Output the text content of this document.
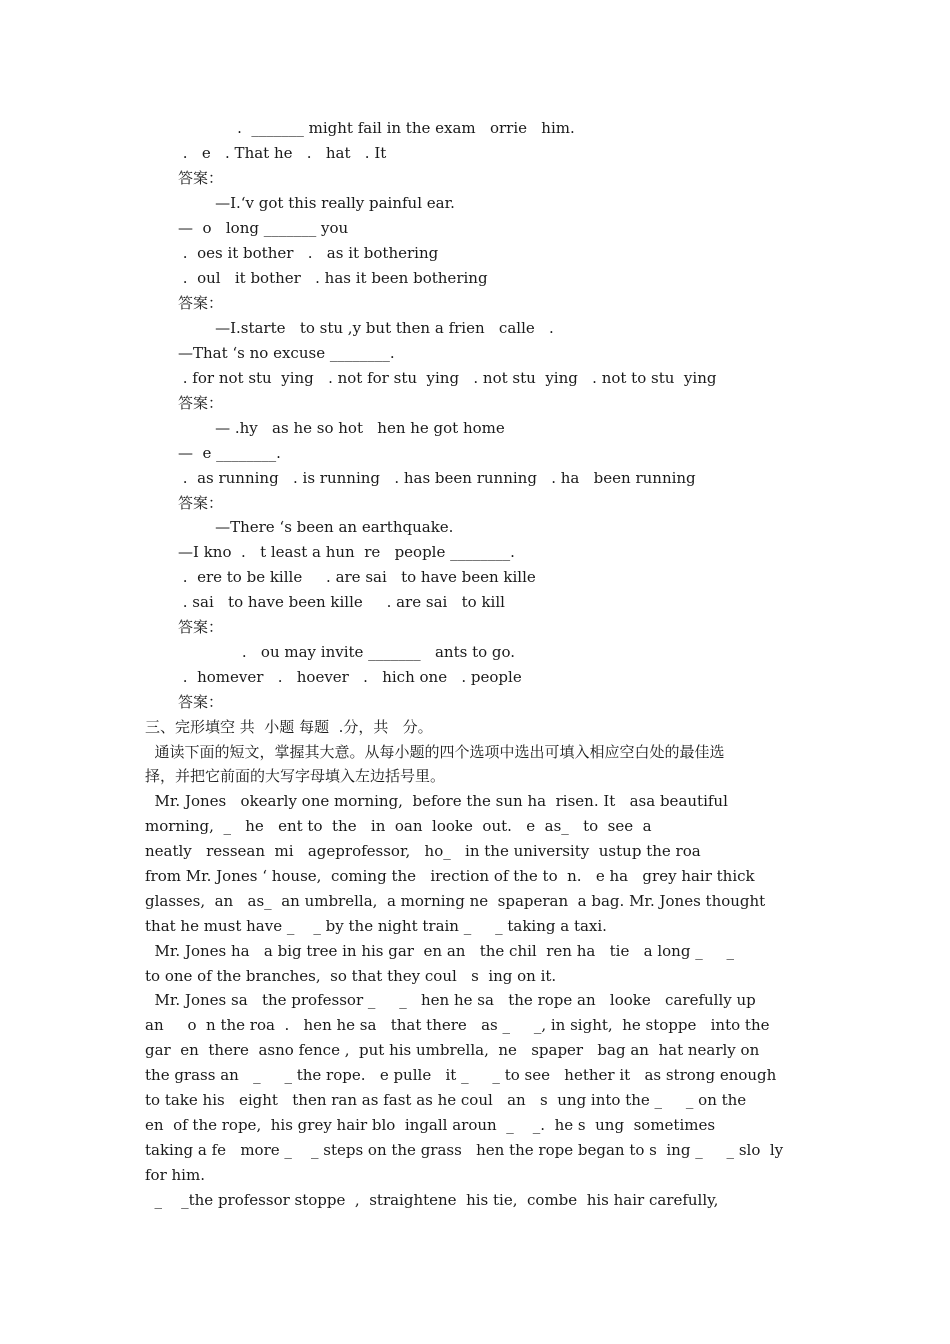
.  _______ might fail in the exam   orrie   him.
.   e   . That he   .   hat   . It
答案：
—I.‘v got this really painful ear.
—  o   long _______ you
.  oes it bother   .   as it bothering
.  oul   it bother   . has it been bothering
答案：
—I.starte   to stu ,y but then a frien   calle   .
—That ‘s no excuse ________.
. for not stu  ying   . not for stu  ying   . not stu  ying   . not to stu  ying
答案：
— .hy   as he so hot   hen he got home
—  e ________.
.  as running   . is running   . has been running   . ha   been running
答案：
—There ‘s been an earthquake.
—I kno  .   t least a hun  re   people ________.
.  ere to be kille     . are sai   to have been kille
. sai   to have been kille     . are sai   to kill
答案：
.   ou may invite _______   ants to go.
.  homever   .   hoever   .   hich one   . people
答案：
三、完形填空 共  小题 每题  .分，共   分。
通读下面的短文，掌握其大意。从每小题的四个选项中选出可填入相应空白处的最佳选
择，并把它前面的大写字母填入左边括号里。
Mr. Jones   okearly one morning,  before the sun ha  risen. It   asa beautiful
morning,  _   he   ent to  the   in  oan  looke  out.   e  as_   to  see  a
neatly   ressean  mi   ageprofessor,   ho_   in the university  ustup the roa
from Mr. Jones ‘ house,  coming the   irection of the to  n.   e ha   grey hair thick
glasses,  an   as_  an umbrella,  a morning ne  spaperan  a bag. Mr. Jones thought
that he must have _    _ by the night train _     _ taking a taxi.
Mr. Jones ha   a big tree in his gar  en an   the chil  ren ha   tie   a long _     _
to one of the branches,  so that they coul   s  ing on it.
Mr. Jones sa   the professor _     _   hen he sa   the rope an   looke   carefully up
an     o  n the roa  .   hen he sa   that there   as _     _, in sight,  he stoppe   into the
gar  en  there  asno fence ,  put his umbrella,  ne   spaper   bag an  hat nearly on
the grass an   _     _ the rope.   e pulle   it _     _ to see   hether it   as strong enough
to take his   eight   then ran as fast as he coul   an   s  ung into the _     _ on the
en  of the rope,  his grey hair blo  ingall aroun  _    _.  he s  ung  sometimes
taking a fe   more _    _ steps on the grass   hen the rope began to s  ing _     _ slo  ly
for him.
_    _the professor stoppe  ,  straightene  his tie,  combe  his hair carefully,
